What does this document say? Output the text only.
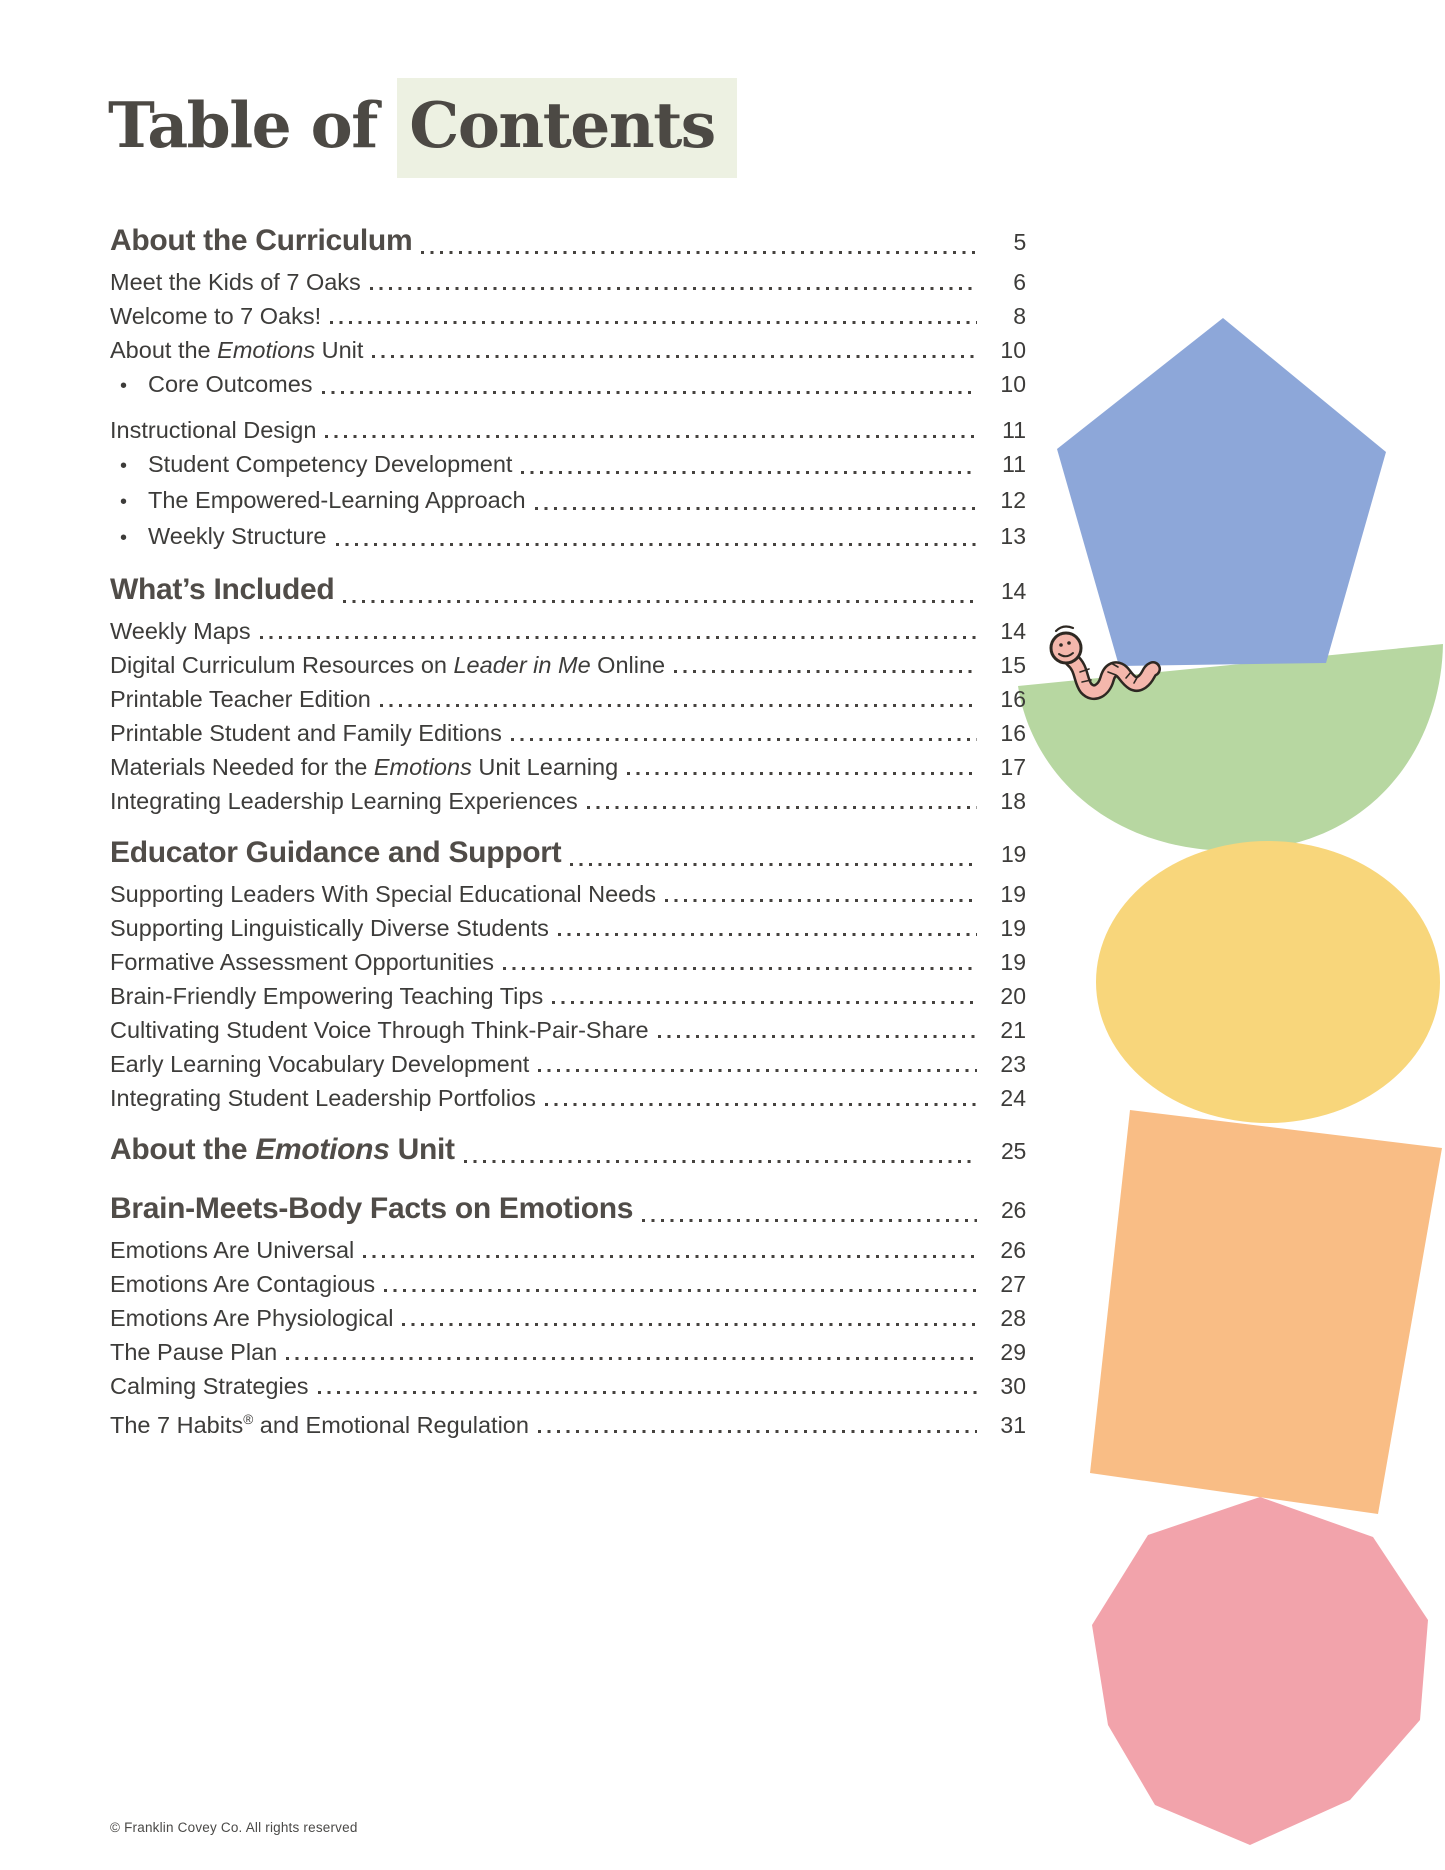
Table of Contents
About the Curriculum	5
Meet the Kids of 7 Oaks	6
Welcome to 7 Oaks!	8
About the Emotions Unit	10
• Core Outcomes	10
Instructional Design	11
• Student Competency Development	11
• The Empowered-Learning Approach	12
• Weekly Structure	13
What’s Included	14
Weekly Maps	14
Digital Curriculum Resources on Leader in Me Online	15
Printable Teacher Edition	16
Printable Student and Family Editions	16
Materials Needed for the Emotions Unit Learning	17
Integrating Leadership Learning Experiences	18
Educator Guidance and Support	19
Supporting Leaders With Special Educational Needs	19
Supporting Linguistically Diverse Students	19
Formative Assessment Opportunities	19
Brain-Friendly Empowering Teaching Tips	20
Cultivating Student Voice Through Think-Pair-Share	21
Early Learning Vocabulary Development	23
Integrating Student Leadership Portfolios	24
About the Emotions Unit	25
Brain-Meets-Body Facts on Emotions	26
Emotions Are Universal	26
Emotions Are Contagious	27
Emotions Are Physiological	28
The Pause Plan	29
Calming Strategies	30
The 7 Habits® and Emotional Regulation	31
© Franklin Covey Co. All rights reserved
